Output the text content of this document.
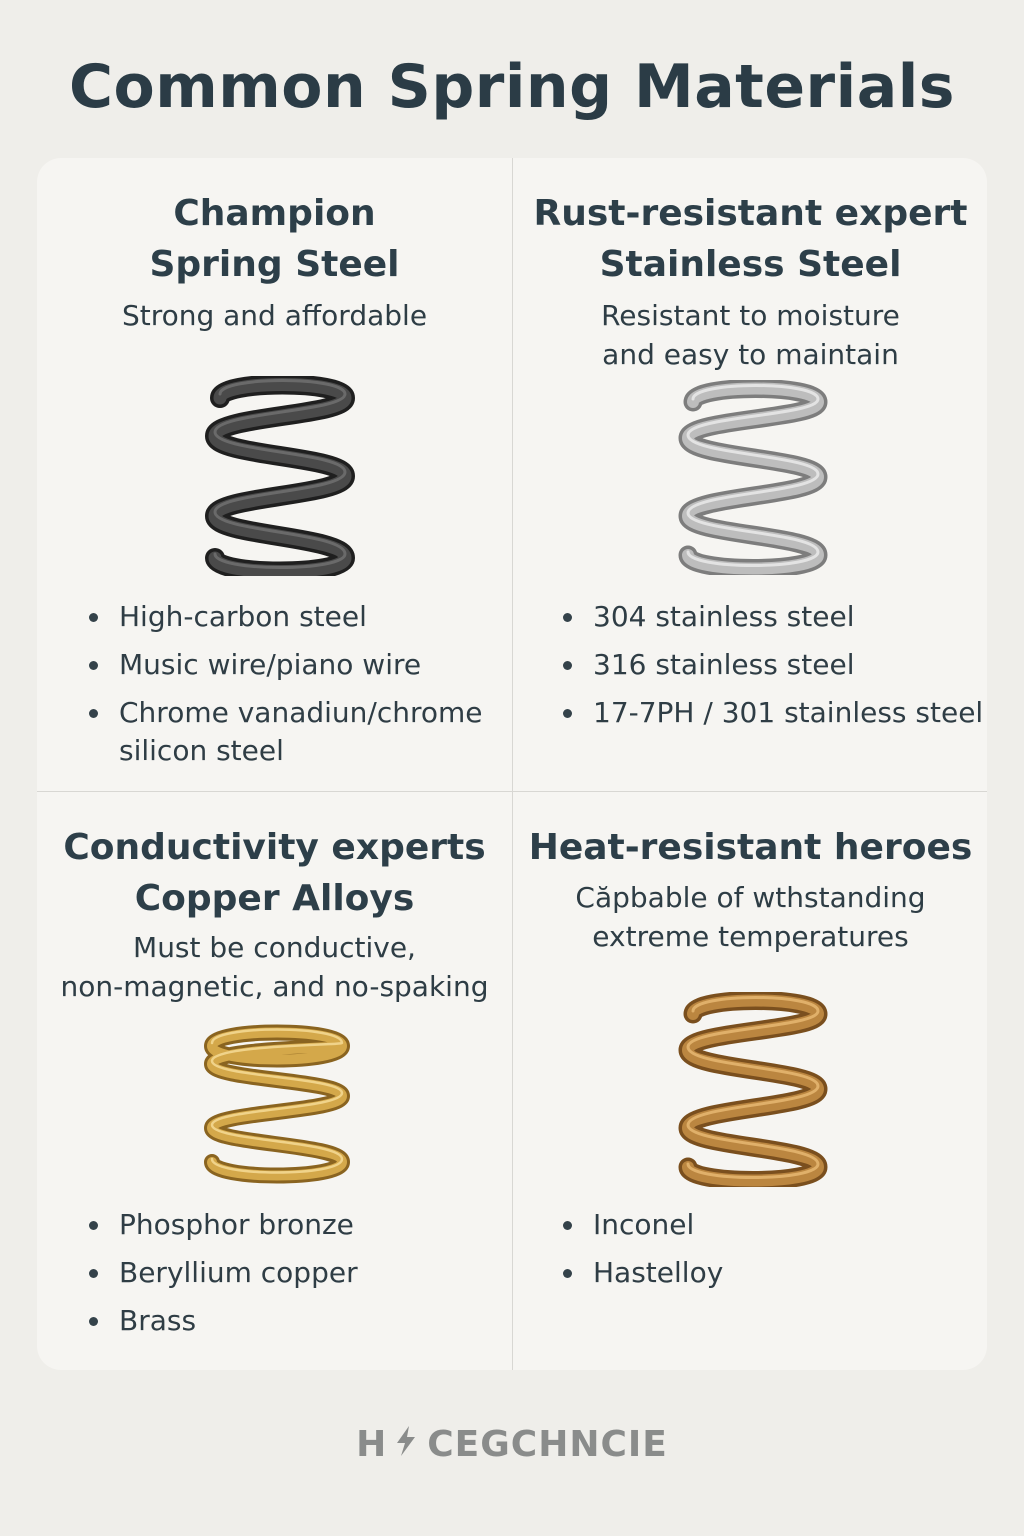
Common Spring Materials
Champion
Spring Steel
Strong and affordable
High-carbon steel
Music wire/piano wire
Chrome vanadiun/chrome silicon steel
Rust-resistant expert
Stainless Steel
Resistant to moisture
and easy to maintain
304 stainless steel
316 stainless steel
17-7PH / 301 stainless steel
Conductivity experts
Copper Alloys
Must be conductive,
non-magnetic, and no-spaking
Phosphor bronze
Beryllium copper
Brass
Heat-resistant heroes
Căpbable of wthstanding
extreme temperatures
Inconel
Hastelloy
H CEGCHNCIE
